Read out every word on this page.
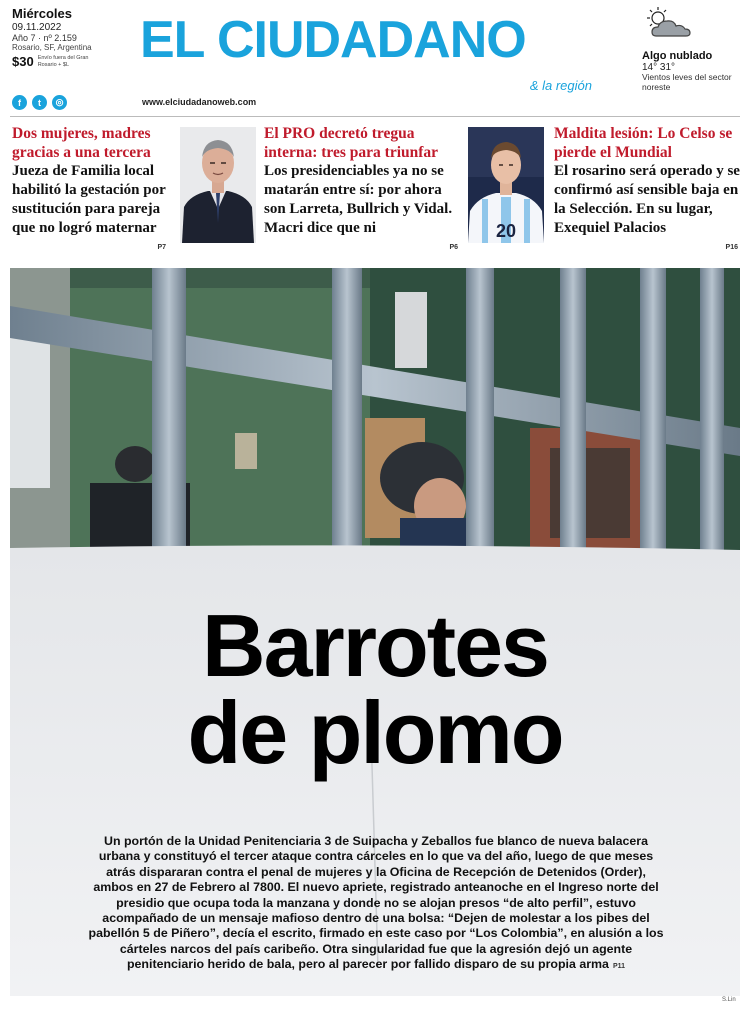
Miércoles
09.11.2022
Año 7 · nº 2.159
Rosario, SF, Argentina
$30 Envío fuera del Gran Rosario + $L	EL CIUDADANO
& la región
Algo nublado
14° 31°
Vientos leves del sector noreste
f	t	◎	www.elciudadanoweb.com
Dos mujeres, madres gracias a una tercera
Jueza de Familia local habilitó la gestación por sustitución para pareja que no logró maternar
P7
El PRO decretó tregua interna: tres para triunfar
Los presidenciables ya no se matarán entre sí: por ahora son Larreta, Bullrich y Vidal. Macri dice que ni
P6
20
Maldita lesión: Lo Celso se pierde el Mundial
El rosarino será operado y se confirmó así sensible baja en la Selección. En su lugar, Exequiel Palacios
P16
Barrotes
de plomo
Un portón de la Unidad Penitenciaria 3 de Suipacha y Zeballos fue blanco de nueva balacera urbana y constituyó el tercer ataque contra cárceles en lo que va del año, luego de que meses atrás dispararan contra el penal de mujeres y la Oficina de Recepción de Detenidos (Order), ambos en 27 de Febrero al 7800. El nuevo apriete, registrado anteanoche en el Ingreso norte del presidio que ocupa toda la manzana y donde no se alojan presos “de alto perfil”, estuvo acompañado de un mensaje mafioso dentro de una bolsa: “Dejen de molestar a los pibes del pabellón 5 de Piñero”, decía el escrito, firmado en este caso por “Los Colombia”, en alusión a los cárteles narcos del país caribeño. Otra singularidad fue que la agresión dejó un agente penitenciario herido de bala, pero al parecer por fallido disparo de su propia arma P11
S.Lin
